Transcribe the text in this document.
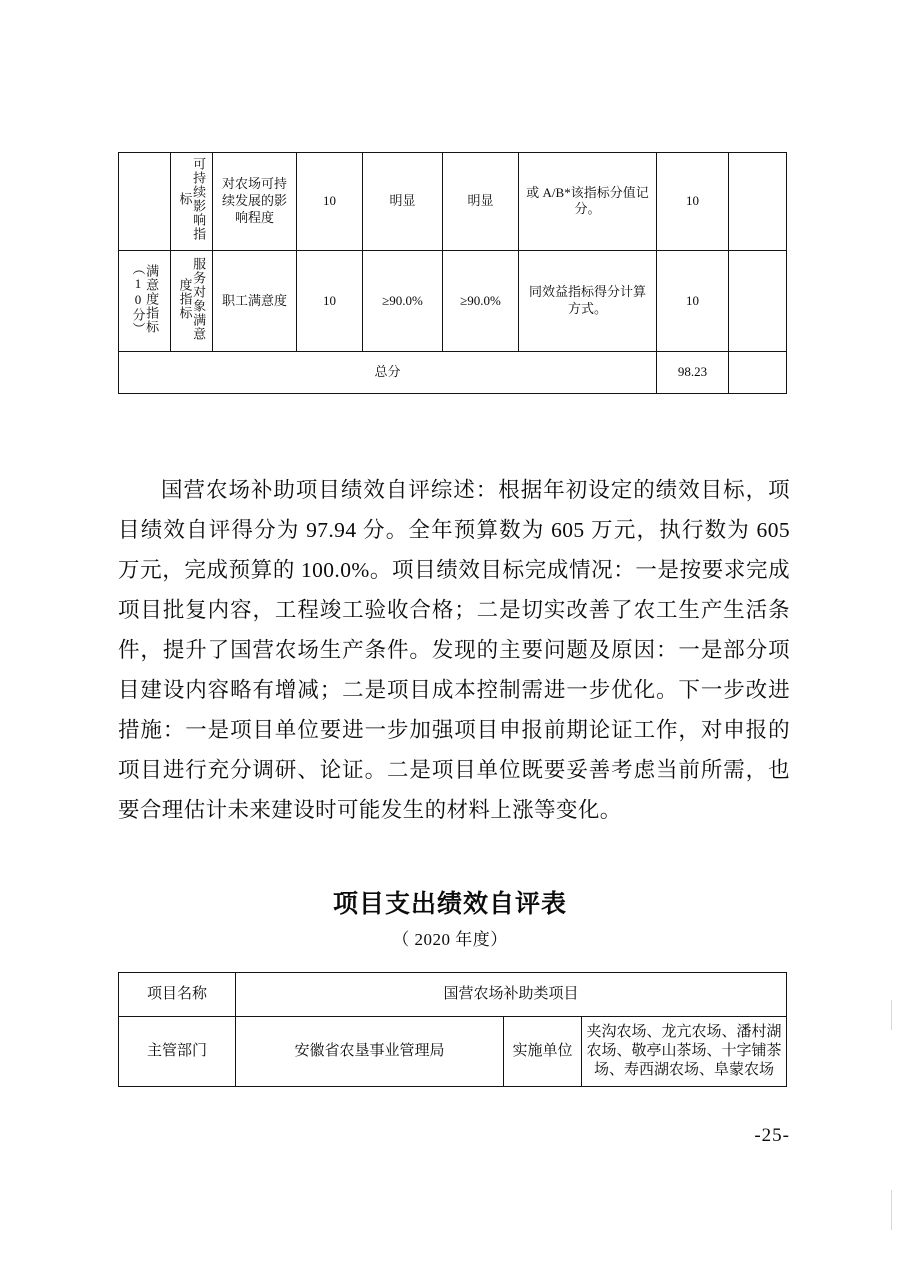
	可持续影响指标	对农场可持续发展的影响程度	10	明显	明显	或 A/B*该指标分值记分。	10	
满意度指标（10分）	服务对象满意度指标	职工满意度	10	≥90.0%	≥90.0%	同效益指标得分计算方式。	10	
总分							98.23	
国营农场补助项目绩效自评综述：根据年初设定的绩效目标，项目绩效自评得分为 97.94 分。全年预算数为 605 万元，执行数为 605 万元，完成预算的 100.0%。项目绩效目标完成情况：一是按要求完成项目批复内容，工程竣工验收合格；二是切实改善了农工生产生活条件，提升了国营农场生产条件。发现的主要问题及原因：一是部分项目建设内容略有增减；二是项目成本控制需进一步优化。下一步改进措施：一是项目单位要进一步加强项目申报前期论证工作，对申报的项目进行充分调研、论证。二是项目单位既要妥善考虑当前所需，也要合理估计未来建设时可能发生的材料上涨等变化。
项目支出绩效自评表
（ 2020 年度）
项目名称	国营农场补助类项目		
主管部门	安徽省农垦事业管理局	实施单位	夹沟农场、龙亢农场、潘村湖农场、敬亭山茶场、十字铺茶场、寿西湖农场、阜蒙农场
-25-
